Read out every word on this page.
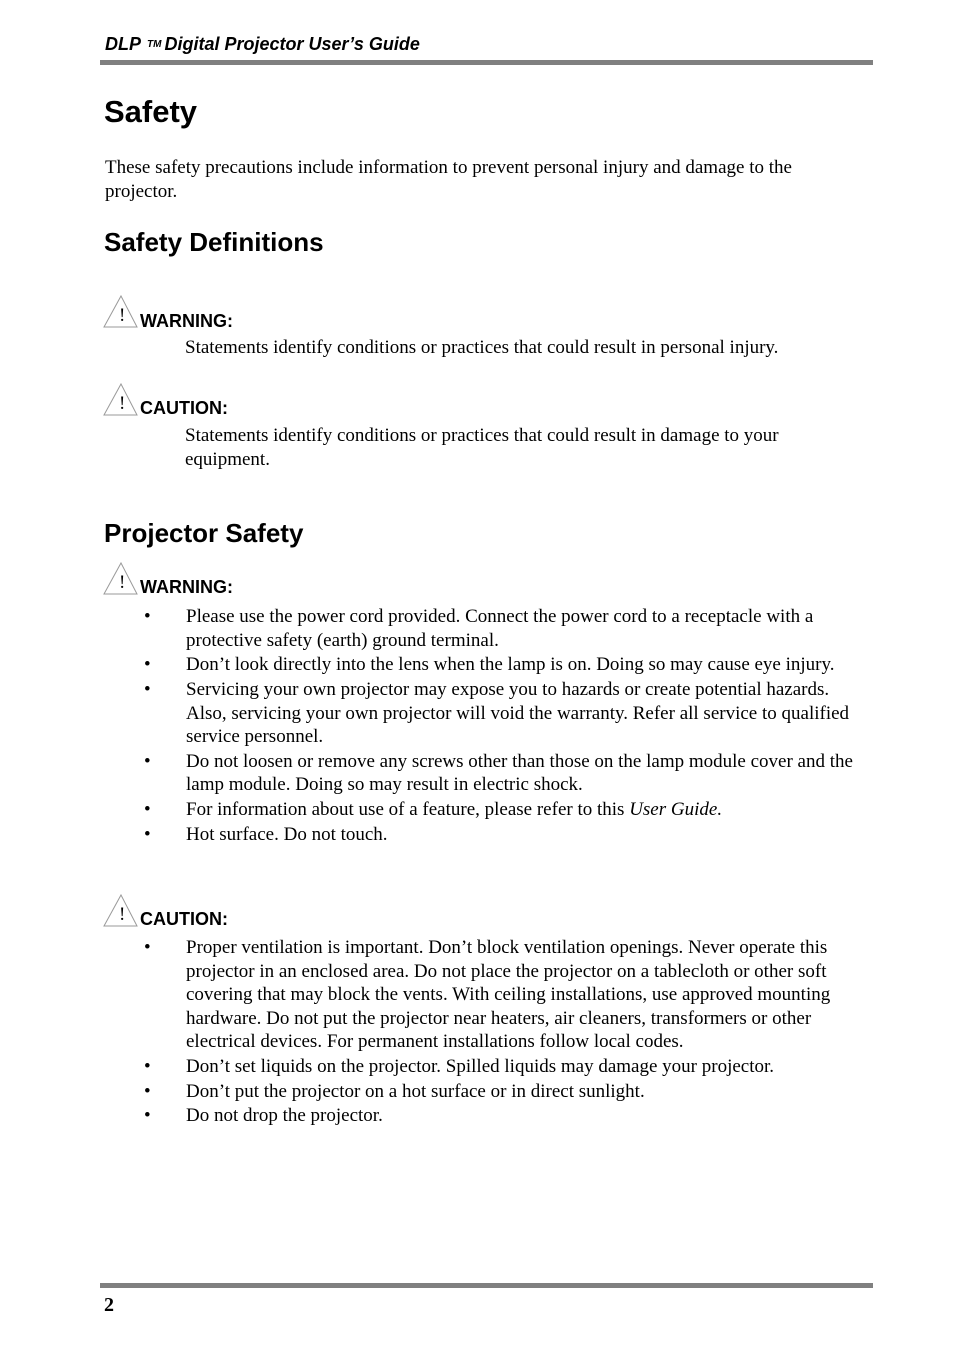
DLP TM Digital Projector User’s Guide
Safety

These safety precautions include information to prevent personal injury and damage to the projector.

Safety Definitions
! WARNING:

Statements identify conditions or practices that could result in personal injury.

! CAUTION:

Statements identify conditions or practices that could result in damage to your equipment.

Projector Safety
! WARNING:
• Please use the power cord provided. Connect the power cord to a receptacle with a protective safety (earth) ground terminal.
• Don’t look directly into the lens when the lamp is on. Doing so may cause eye injury.
• Servicing your own projector may expose you to hazards or create potential hazards. Also, servicing your own projector will void the warranty. Refer all service to qualified service personnel.
• Do not loosen or remove any screws other than those on the lamp module cover and the lamp module. Doing so may result in electric shock.
• For information about use of a feature, please refer to this User Guide.
• Hot surface. Do not touch.
! CAUTION:
• Proper ventilation is important. Don’t block ventilation openings. Never operate this projector in an enclosed area. Do not place the projector on a tablecloth or other soft covering that may block the vents. With ceiling installations, use approved mounting hardware. Do not put the projector near heaters, air cleaners, transformers or other electrical devices. For permanent installations follow local codes.
• Don’t set liquids on the projector. Spilled liquids may damage your projector.
• Don’t put the projector on a hot surface or in direct sunlight.
• Do not drop the projector.
2
